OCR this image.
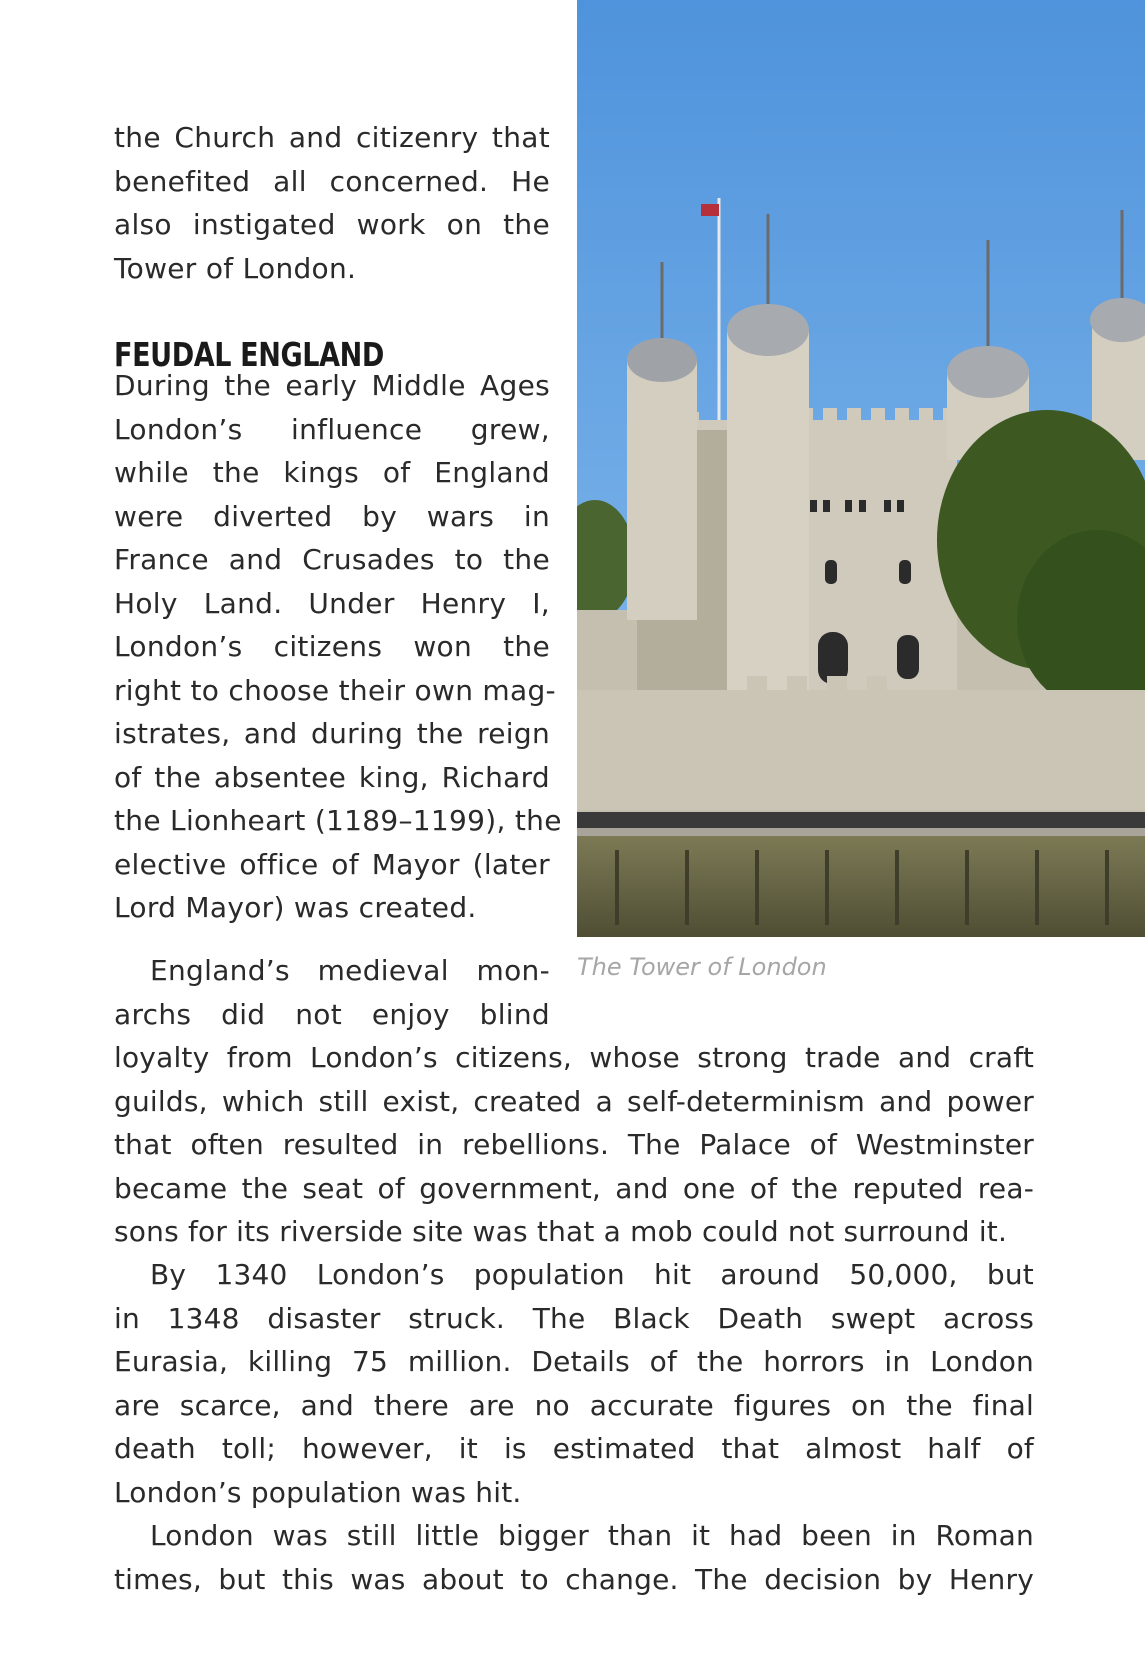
the Church and citizenry that
benefited all concerned. He
also instigated work on the
Tower of London.
FEUDAL ENGLAND
During the early Middle Ages
London’s influence grew,
while the kings of England
were diverted by wars in
France and Crusades to the
Holy Land. Under Henry I,
London’s citizens won the
right to choose their own mag-
istrates, and during the reign
of the absentee king, Richard
the Lionheart (1189–1199), the
elective office of Mayor (later
Lord Mayor) was created.
England’s medieval mon-
archs did not enjoy blind
loyalty from London’s citizens, whose strong trade and craft
guilds, which still exist, created a self-determinism and power
that often resulted in rebellions. The Palace of Westminster
became the seat of government, and one of the reputed rea-
sons for its riverside site was that a mob could not surround it.
By 1340 London’s population hit around 50,000, but
in 1348 disaster struck. The Black Death swept across
Eurasia, killing 75 million. Details of the horrors in London
are scarce, and there are no accurate figures on the final
death toll; however, it is estimated that almost half of
London’s population was hit.
London was still little bigger than it had been in Roman
times, but this was about to change. The decision by Henry
The Tower of London
